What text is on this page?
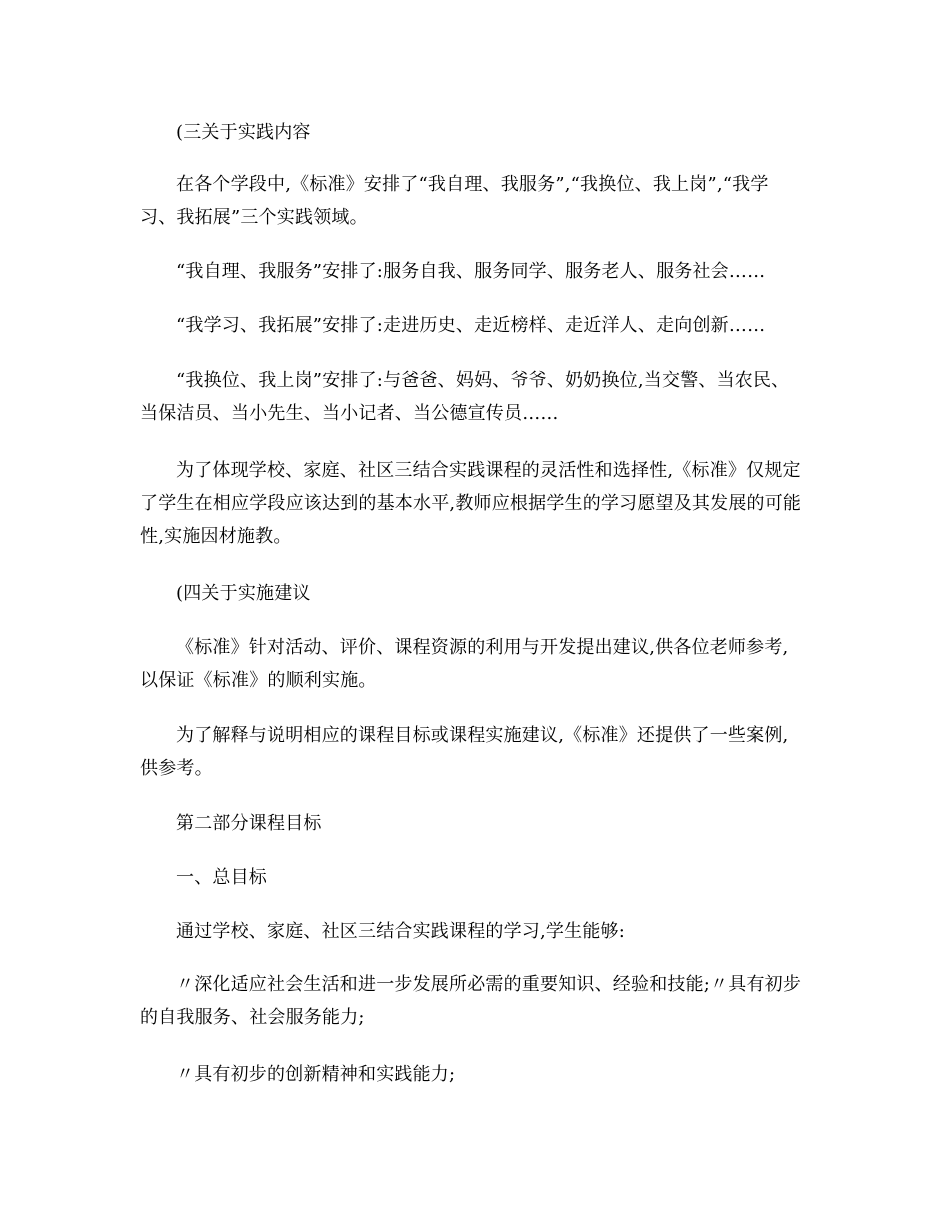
(三关于实践内容

在各个学段中,《标准》安排了“我自理、我服务”,“我换位、我上岗”,“我学习、我拓展”三个实践领域。

“我自理、我服务”安排了:服务自我、服务同学、服务老人、服务社会……

“我学习、我拓展”安排了:走进历史、走近榜样、走近洋人、走向创新……

“我换位、我上岗”安排了:与爸爸、妈妈、爷爷、奶奶换位,当交警、当农民、当保洁员、当小先生、当小记者、当公德宣传员……

为了体现学校、家庭、社区三结合实践课程的灵活性和选择性,《标准》仅规定了学生在相应学段应该达到的基本水平,教师应根据学生的学习愿望及其发展的可能性,实施因材施教。

(四关于实施建议

《标准》针对活动、评价、课程资源的利用与开发提出建议,供各位老师参考,以保证《标准》的顺利实施。

为了解释与说明相应的课程目标或课程实施建议,《标准》还提供了一些案例,供参考。

第二部分课程目标

一、总目标

通过学校、家庭、社区三结合实践课程的学习,学生能够:

〃深化适应社会生活和进一步发展所必需的重要知识、经验和技能;〃具有初步的自我服务、社会服务能力;

〃具有初步的创新精神和实践能力;
